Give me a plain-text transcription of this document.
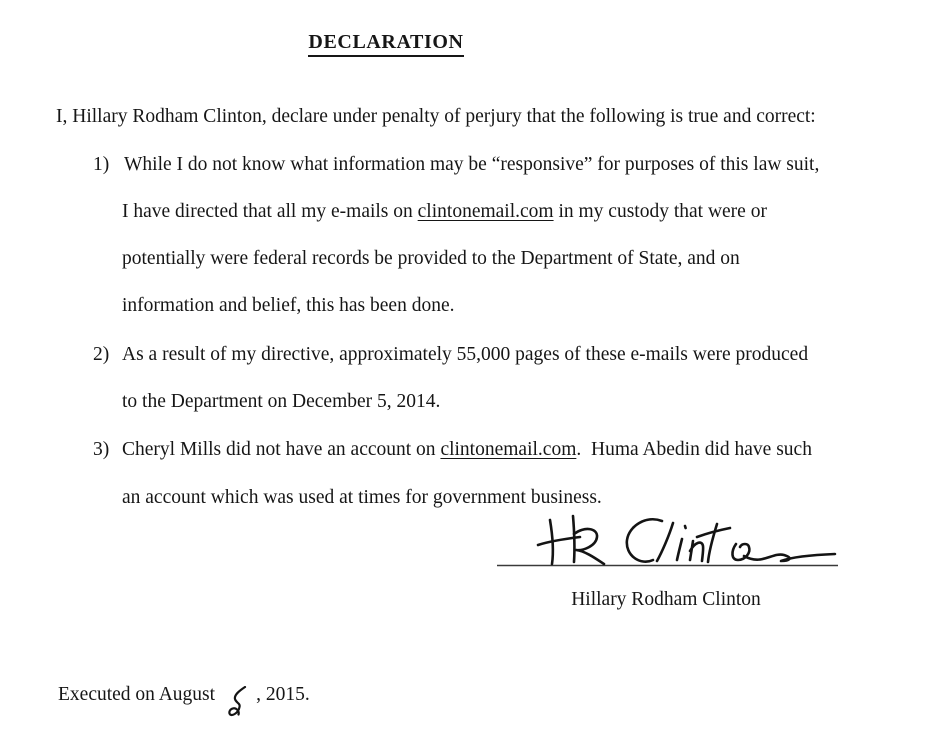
DECLARATION
I, Hillary Rodham Clinton, declare under penalty of perjury that the following is true and correct:
1) While I do not know what information may be “responsive” for purposes of this law suit,
I have directed that all my e-mails on clintonemail.com in my custody that were or
potentially were federal records be provided to the Department of State, and on
information and belief, this has been done.
2) As a result of my directive, approximately 55,000 pages of these e-mails were produced
to the Department on December 5, 2014.
3) Cheryl Mills did not have an account on clintonemail.com.  Huma Abedin did have such
an account which was used at times for government business.
Hillary Rodham Clinton
Executed on August , 2015.
